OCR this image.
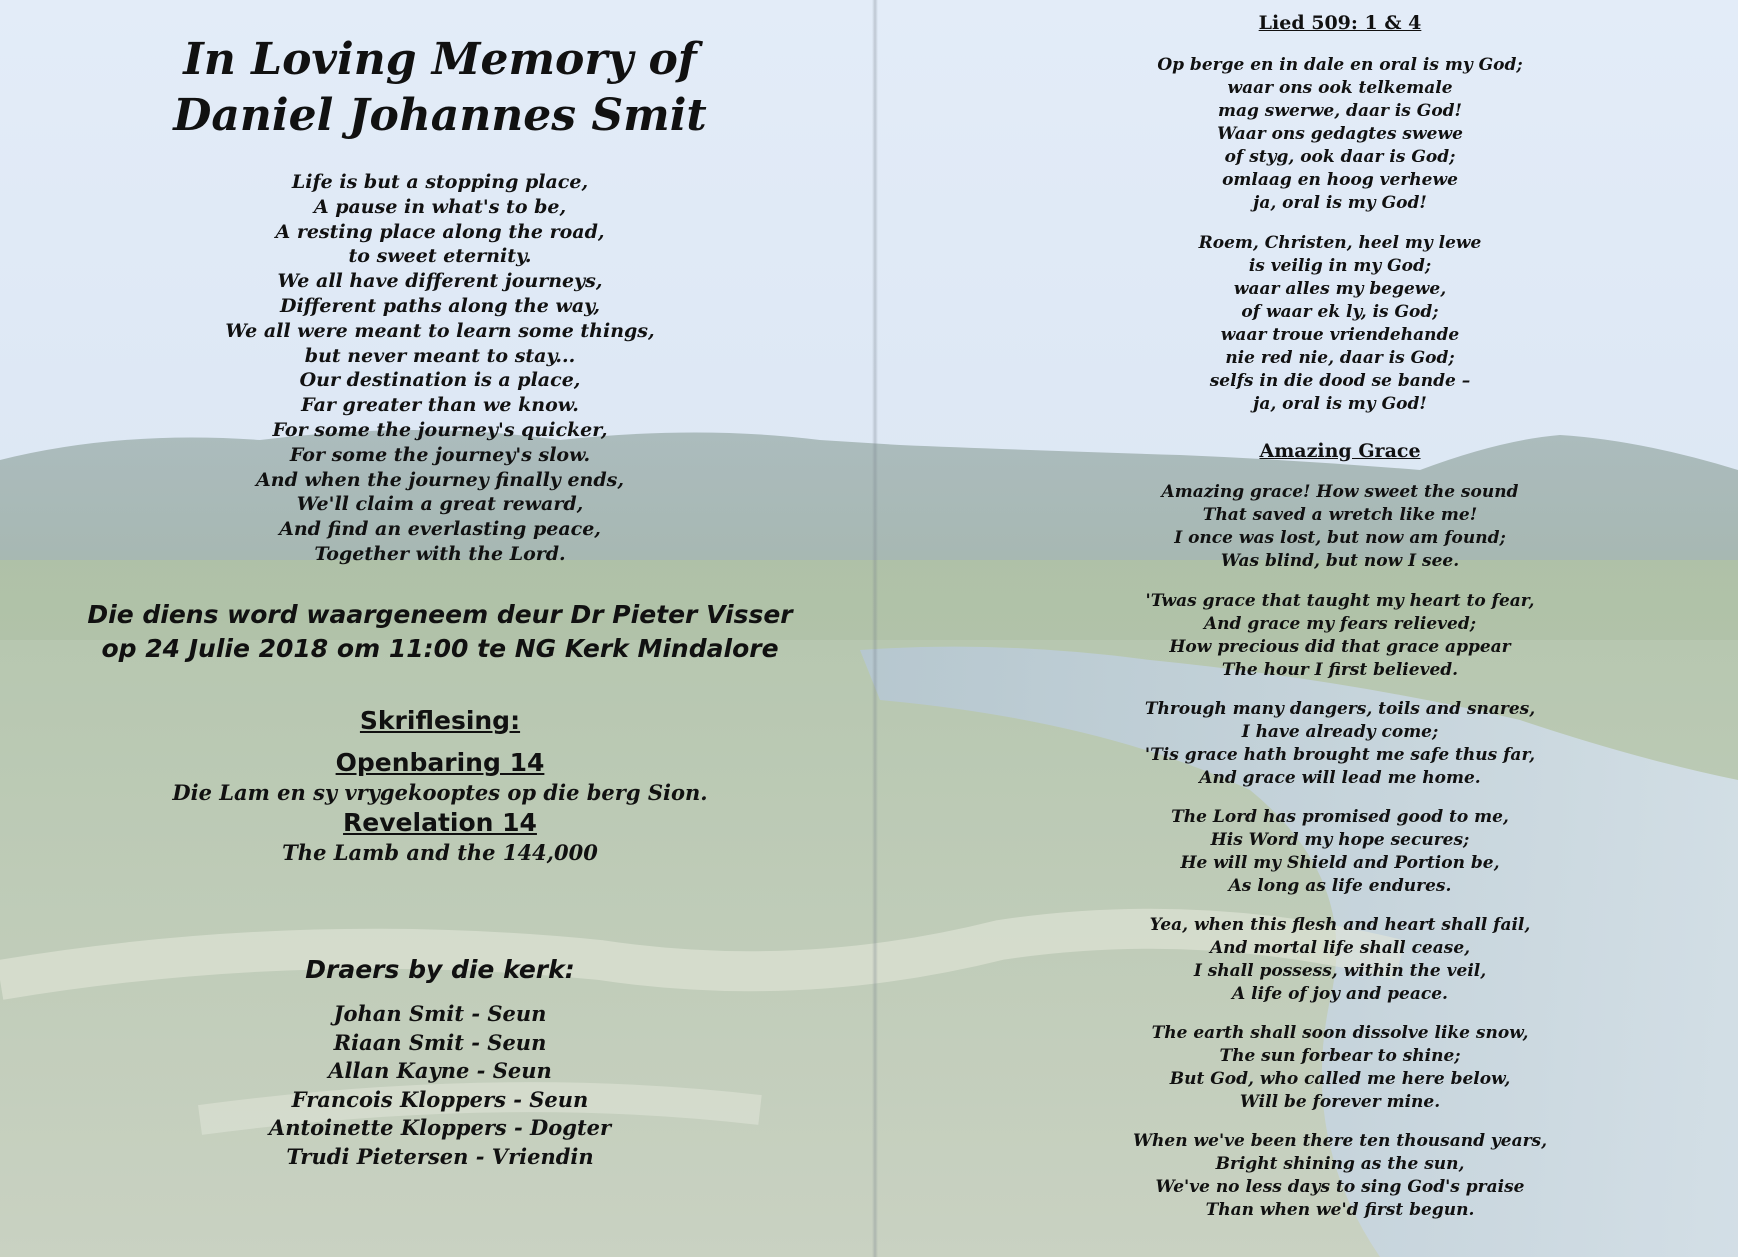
In Loving Memory of
Daniel Johannes Smit
Life is but a stopping place,
A pause in what's to be,
A resting place along the road,
to sweet eternity.
We all have different journeys,
Different paths along the way,
We all were meant to learn some things,
but never meant to stay...
Our destination is a place,
Far greater than we know.
For some the journey's quicker,
For some the journey's slow.
And when the journey finally ends,
We'll claim a great reward,
And find an everlasting peace,
Together with the Lord.
Die diens word waargeneem deur Dr Pieter Visser
op 24 Julie 2018 om 11:00 te NG Kerk Mindalore
Skriflesing:
Openbaring 14

Die Lam en sy vrygekooptes op die berg Sion.

Revelation 14

The Lamb and the 144,000

Draers by die kerk:
Johan Smit - Seun
Riaan Smit - Seun
Allan Kayne - Seun
Francois Kloppers - Seun
Antoinette Kloppers - Dogter
Trudi Pietersen - Vriendin
Lied 509: 1 & 4
Op berge en in dale en oral is my God;
waar ons ook telkemale
mag swerwe, daar is God!
Waar ons gedagtes swewe
of styg, ook daar is God;
omlaag en hoog verhewe
ja, oral is my God!
Roem, Christen, heel my lewe
is veilig in my God;
waar alles my begewe,
of waar ek ly, is God;
waar troue vriendehande
nie red nie, daar is God;
selfs in die dood se bande –
ja, oral is my God!
Amazing Grace
Amazing grace! How sweet the sound
That saved a wretch like me!
I once was lost, but now am found;
Was blind, but now I see.
'Twas grace that taught my heart to fear,
And grace my fears relieved;
How precious did that grace appear
The hour I first believed.
Through many dangers, toils and snares,
I have already come;
'Tis grace hath brought me safe thus far,
And grace will lead me home.
The Lord has promised good to me,
His Word my hope secures;
He will my Shield and Portion be,
As long as life endures.
Yea, when this flesh and heart shall fail,
And mortal life shall cease,
I shall possess, within the veil,
A life of joy and peace.
The earth shall soon dissolve like snow,
The sun forbear to shine;
But God, who called me here below,
Will be forever mine.
When we've been there ten thousand years,
Bright shining as the sun,
We've no less days to sing God's praise
Than when we'd first begun.
